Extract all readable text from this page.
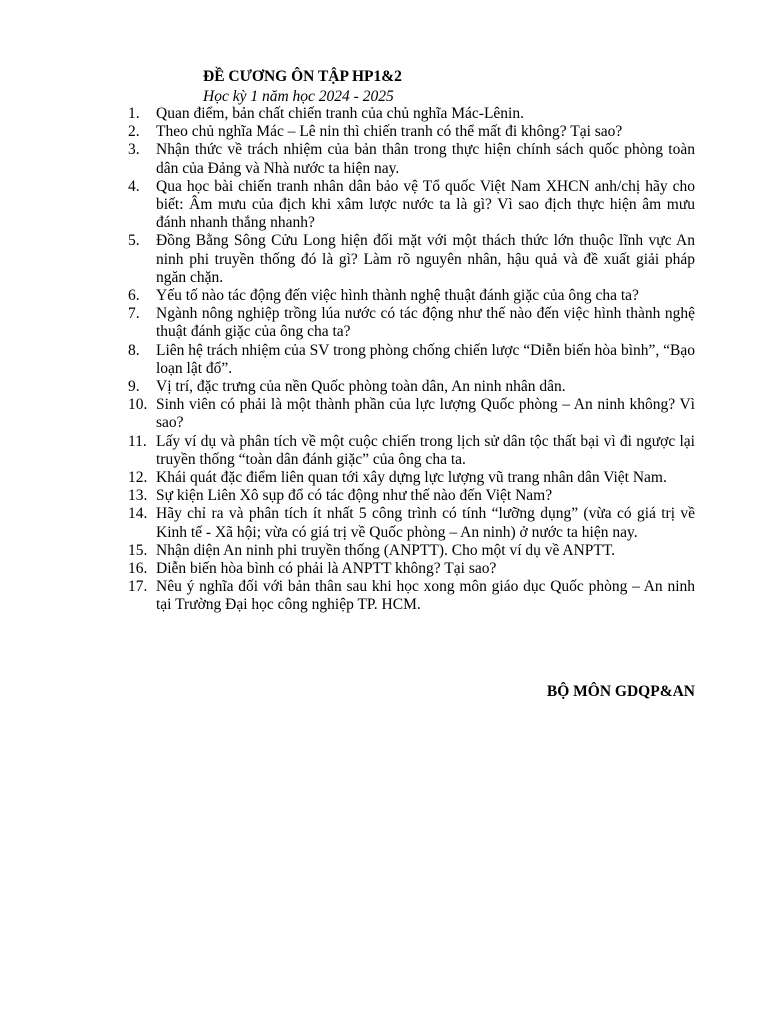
ĐỀ CƯƠNG ÔN TẬP HP1&2
Học kỳ 1 năm học 2024 - 2025
1.	Quan điểm, bản chất chiến tranh của chủ nghĩa Mác-Lênin.
2.	Theo chủ nghĩa Mác – Lê nin thì chiến tranh có thể mất đi không? Tại sao?
3.	Nhận thức về trách nhiệm của bản thân trong thực hiện chính sách quốc phòng toàn dân của Đảng và Nhà nước ta hiện nay.
4.	Qua học bài chiến tranh nhân dân bảo vệ Tổ quốc Việt Nam XHCN anh/chị hãy cho biết: Âm mưu của địch khi xâm lược nước ta là gì? Vì sao địch thực hiện âm mưu đánh nhanh thắng nhanh?
5.	Đồng Bằng Sông Cửu Long hiện đối mặt với một thách thức lớn thuộc lĩnh vực An ninh phi truyền thống đó là gì? Làm rõ nguyên nhân, hậu quả và đề xuất giải pháp ngăn chặn.
6.	Yếu tố nào tác động đến việc hình thành nghệ thuật đánh giặc của ông cha ta?
7.	Ngành nông nghiệp trồng lúa nước có tác động như thế nào đến việc hình thành nghệ thuật đánh giặc của ông cha ta?
8.	Liên hệ trách nhiệm của SV trong phòng chống chiến lược “Diễn biến hòa bình”, “Bạo loạn lật đổ”.
9.	Vị trí, đặc trưng của nền Quốc phòng toàn dân, An ninh nhân dân.
10. Sinh viên có phải là một thành phần của lực lượng Quốc phòng – An ninh không? Vì sao?
11. Lấy ví dụ và phân tích về một cuộc chiến trong lịch sử dân tộc thất bại vì đi ngược lại truyền thống “toàn dân đánh giặc” của ông cha ta.
12. Khái quát đặc điểm liên quan tới xây dựng lực lượng vũ trang nhân dân Việt Nam.
13. Sự kiện Liên Xô sụp đổ có tác động như thế nào đến Việt Nam?
14. Hãy chỉ ra và phân tích ít nhất 5 công trình có tính “lưỡng dụng” (vừa có giá trị về Kinh tế - Xã hội; vừa có giá trị về Quốc phòng – An ninh) ở nước ta hiện nay.
15. Nhận diện An ninh phi truyền thống (ANPTT). Cho một ví dụ về ANPTT.
16. Diễn biến hòa bình có phải là ANPTT không? Tại sao?
17. Nêu ý nghĩa đối với bản thân sau khi học xong môn giáo dục Quốc phòng – An ninh tại Trường Đại học công nghiệp TP. HCM.
BỘ MÔN GDQP&AN
